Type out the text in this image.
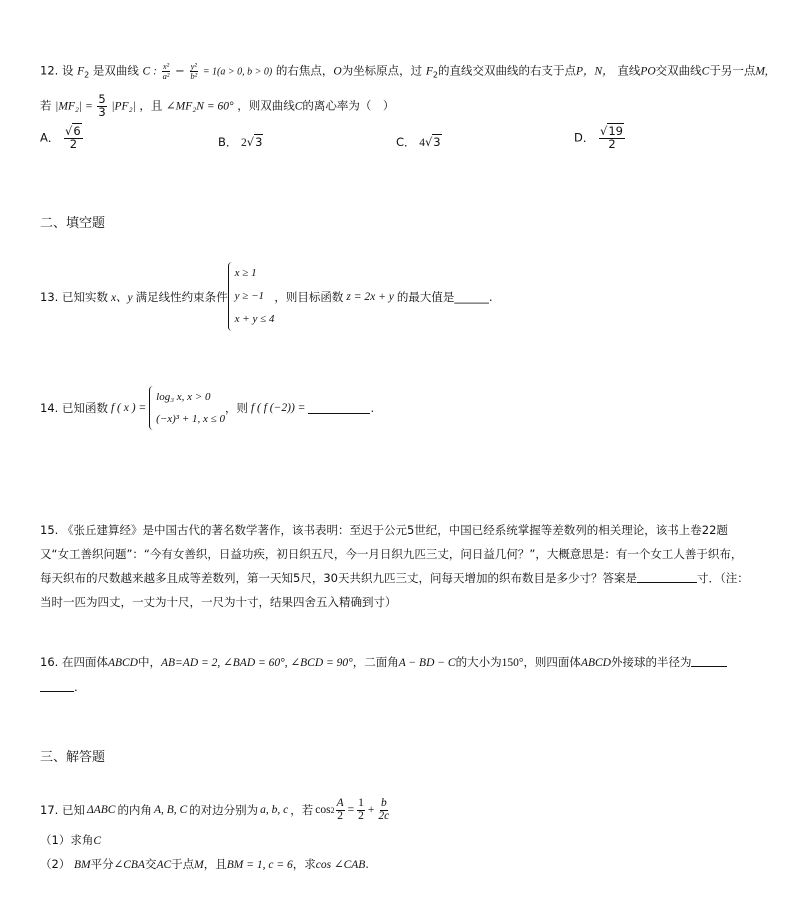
12. 设 $F_2$ 是双曲线 C : $\frac{\text{x²}}{\text{a²}} - \frac{\text{y²}}{\text{b²}} = 1(a > 0$, b > 0) 的右焦点，O为坐标原点，过 $F_2$的直线交双曲线的右支于点P，N， 直线PO交双曲线C于另一点M,
若 $|MF_2| = \frac{5}{3} |PF_2|$ ，且 ∠MF₂N = 60° ，则双曲线C的离心率为（　）
A． $\frac{√6}{2}$	B． 2√3	C． 4√3	D． $\frac{√19}{2}$
二、填空题
13. 已知实数 x、y 满足线性约束条件
x ≥ 1
y ≥ −1
x + y ≤ 4
，则目标函数 z = 2x + y 的最大值是______.
14. 已知函数 f ( x ) =
log₃ x, x > 0
(−x)³ + 1, x ≤ 0
，则 f ( f (−2)) =	.
15. 《张丘建算经》是中国古代的著名数学著作，该书表明：至迟于公元5世纪，中国已经系统掌握等差数列的相关理论，该书上卷22题又“女工善织问题”：“今有女善织，日益功疾，初日织五尺，今一月日织九匹三丈，问日益几何？”，大概意思是：有一个女工人善于织布，每天织布的尺数越来越多且成等差数列，第一天知5尺，30天共织九匹三丈，问每天增加的织布数目是多少寸？答案是	寸．（注：当时一匹为四丈，一丈为十尺，一尺为十寸，结果四舍五入精确到寸）
16. 在四面体ABCD中，AB=AD = 2, ∠BAD = 60°, ∠BCD = 90°，二面角A − BD − C的大小为150°，则四面体ABCD外接球的半径为
.
三、解答题
17. 已知 ΔABC 的内角 A, B, C 的对边分别为 a, b, c ，若 $\cos 2 \frac{A}{2} = \frac{1}{2} + \frac{b}{2c}$
（1）求角C
（2） BM平分∠CBA交AC于点M，且BM = 1, c = 6，求cos ∠CAB.
